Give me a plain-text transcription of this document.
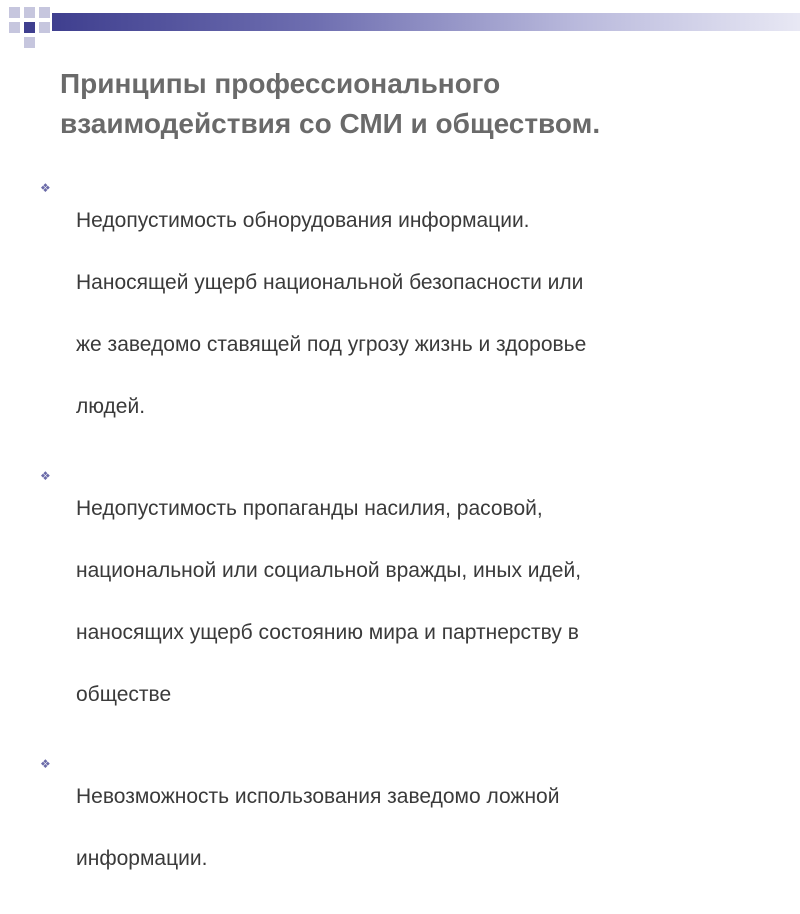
Принципы профессионального
взаимодействия со СМИ и обществом.
❖

Недопустимость обнорудования информации.

Наносящей ущерб национальной безопасности или

же заведомо ставящей под угрозу жизнь и здоровье

людей.

❖

Недопустимость пропаганды насилия, расовой,

национальной или социальной вражды, иных идей,

наносящих ущерб состоянию мира и партнерству в

обществе

❖

Невозможность использования заведомо ложной

информации.
